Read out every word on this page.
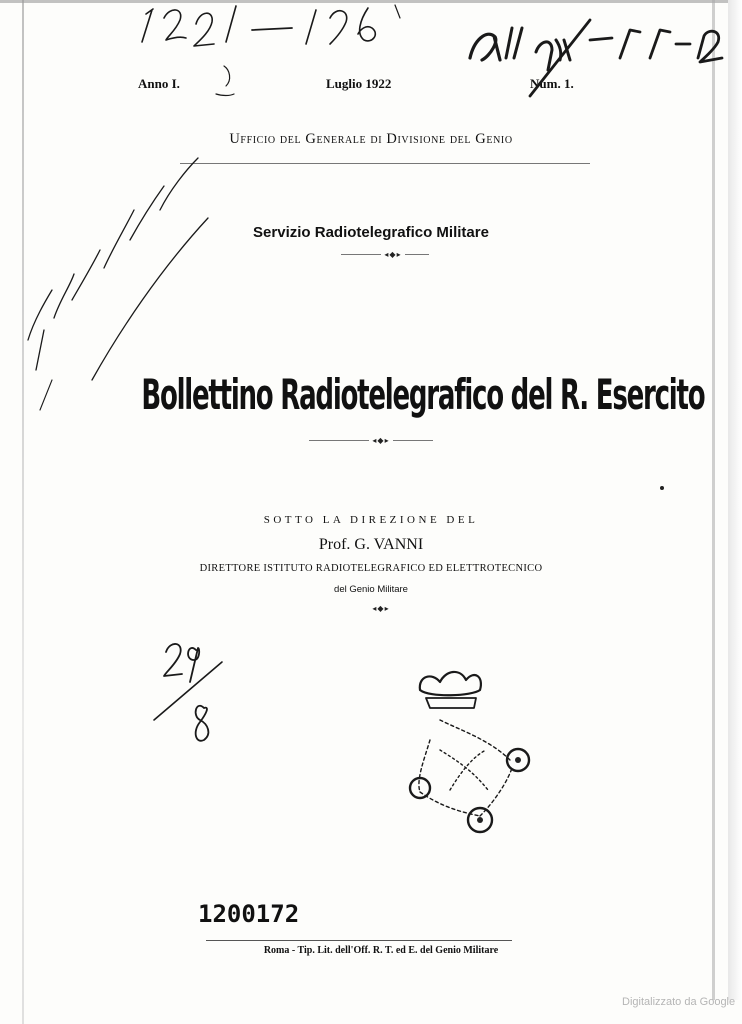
Anno I.	Luglio 1922	Num. 1.
Ufficio del Generale di Divisione del Genio
Servizio Radiotelegrafico Militare
◂◆▸
Bollettino Radiotelegrafico del R. Esercito
◂◆▸
SOTTO LA DIREZIONE DEL
Prof. G. VANNI
DIRETTORE ISTITUTO RADIOTELEGRAFICO ED ELETTROTECNICO
del Genio Militare
◂◆▸
1200172
Roma - Tip. Lit. dell'Off. R. T. ed E. del Genio Militare
Digitalizzato da Google
